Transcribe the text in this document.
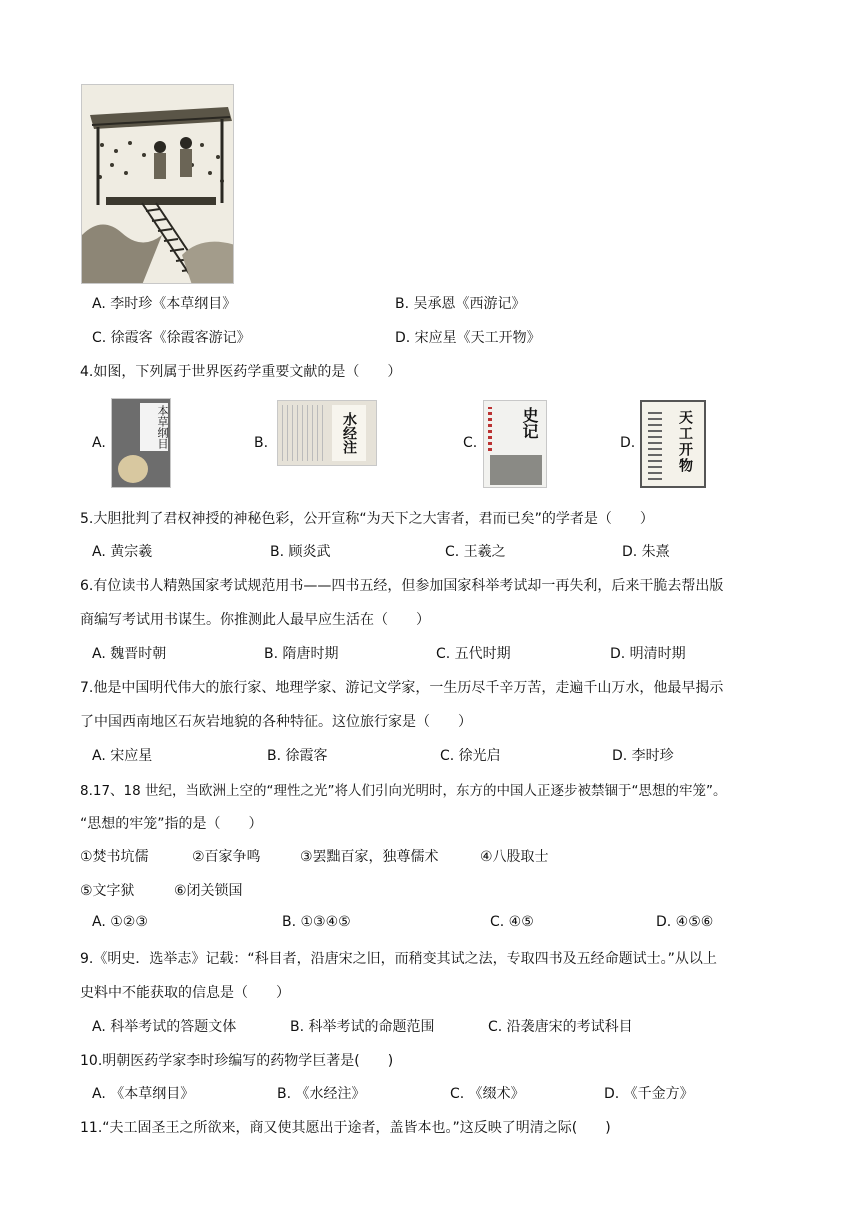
A. 李时珍《本草纲目》	B. 吴承恩《西游记》
C. 徐霞客《徐霞客游记》	D. 宋应星《天工开物》
4.如图，下列属于世界医药学重要文献的是（　　）
A.	本草纲目	B.	水经注	C.
史记
D.	天工开物
5.大胆批判了君权神授的神秘色彩，公开宣称“为天下之大害者，君而已矣”的学者是（　　）
A. 黄宗羲	B. 顾炎武	C. 王羲之	D. 朱熹
6.有位读书人精熟国家考试规范用书——四书五经，但参加国家科举考试却一再失利，后来干脆去帮出版
商编写考试用书谋生。你推测此人最早应生活在（　　）
A. 魏晋时朝	B. 隋唐时期	C. 五代时期	D. 明清时期
7.他是中国明代伟大的旅行家、地理学家、游记文学家，一生历尽千辛万苦，走遍千山万水，他最早揭示
了中国西南地区石灰岩地貌的各种特征。这位旅行家是（　　）
A. 宋应星	B. 徐霞客	C. 徐光启	D. 李时珍
8.17、18 世纪，当欧洲上空的“理性之光”将人们引向光明时，东方的中国人正逐步被禁锢于“思想的牢笼”。
“思想的牢笼”指的是（　　）
①焚书坑儒	②百家争鸣	③罢黜百家，独尊儒术	④八股取士
⑤文字狱	⑥闭关锁国
A. ①②③	B. ①③④⑤	C. ④⑤	D. ④⑤⑥
9.《明史．选举志》记载：“科目者，沿唐宋之旧，而稍变其试之法，专取四书及五经命题试士。”从以上
史料中不能获取的信息是（　　）
A. 科举考试的答题文体	B. 科举考试的命题范围	C. 沿袭唐宋的考试科目
10.明朝医药学家李时珍编写的药物学巨著是(　　)
A. 《本草纲目》	B. 《水经注》	C. 《缀术》	D. 《千金方》
11.“夫工固圣王之所欲来，商又使其愿出于途者，盖皆本也。”这反映了明清之际(　　)
